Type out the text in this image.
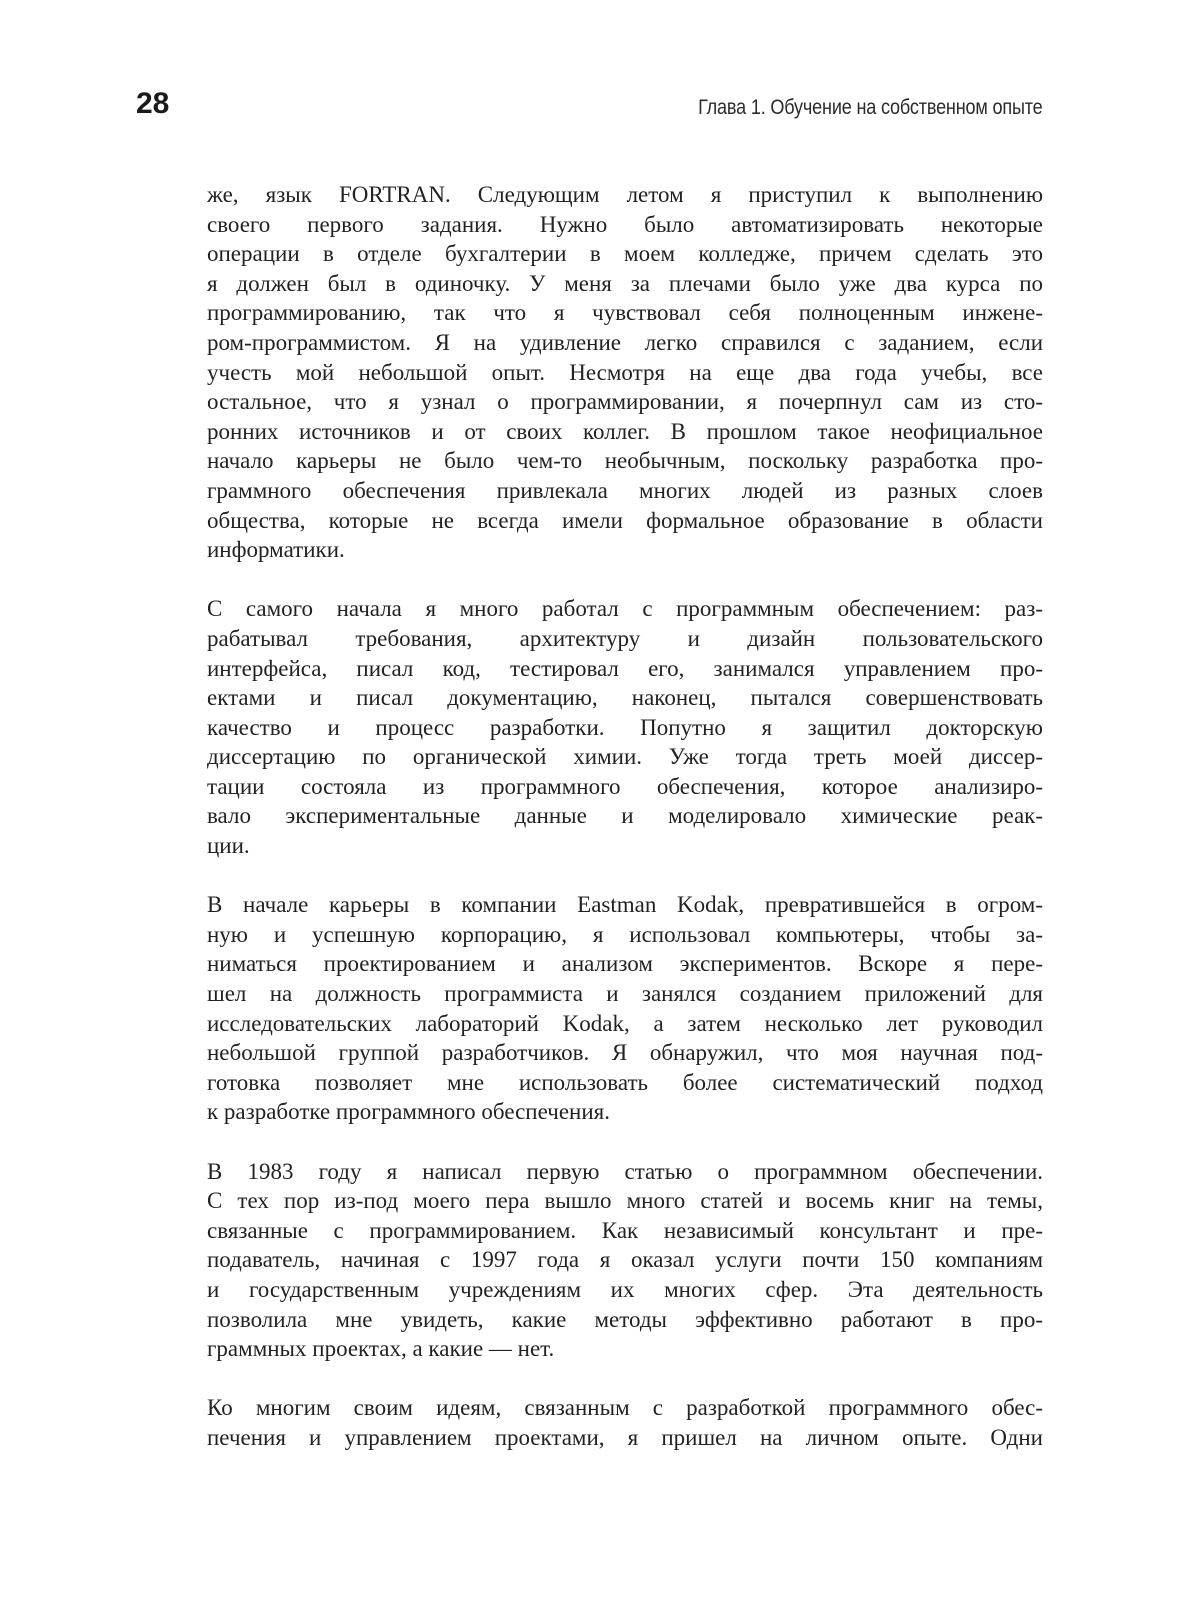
28	Глава 1. Обучение на собственном опыте
же, язык FORTRAN. Следующим летом я приступил к выполнению
своего первого задания. Нужно было автоматизировать некоторые
операции в отделе бухгалтерии в моем колледже, причем сделать это
я должен был в одиночку. У меня за плечами было уже два курса по
программированию, так что я чувствовал себя полноценным инжене-
ром-программистом. Я на удивление легко справился с заданием, если
учесть мой небольшой опыт. Несмотря на еще два года учебы, все
остальное, что я узнал о программировании, я почерпнул сам из сто-
ронних источников и от своих коллег. В прошлом такое неофициальное
начало карьеры не было чем-то необычным, поскольку разработка про-
граммного обеспечения привлекала многих людей из разных слоев
общества, которые не всегда имели формальное образование в области
информатики.
С самого начала я много работал с программным обеспечением: раз-
рабатывал требования, архитектуру и дизайн пользовательского
интерфейса, писал код, тестировал его, занимался управлением про-
ектами и писал документацию, наконец, пытался совершенствовать
качество и процесс разработки. Попутно я защитил докторскую
диссертацию по органической химии. Уже тогда треть моей диссер-
тации состояла из программного обеспечения, которое анализиро-
вало экспериментальные данные и моделировало химические реак-
ции.
В начале карьеры в компании Eastman Kodak, превратившейся в огром-
ную и успешную корпорацию, я использовал компьютеры, чтобы за-
ниматься проектированием и анализом экспериментов. Вскоре я пере-
шел на должность программиста и занялся созданием приложений для
исследовательских лабораторий Kodak, а затем несколько лет руководил
небольшой группой разработчиков. Я обнаружил, что моя научная под-
готовка позволяет мне использовать более систематический подход
к разработке программного обеспечения.
В 1983 году я написал первую статью о программном обеспечении.
С тех пор из-под моего пера вышло много статей и восемь книг на темы,
связанные с программированием. Как независимый консультант и пре-
подаватель, начиная с 1997 года я оказал услуги почти 150 компаниям
и государственным учреждениям их многих сфер. Эта деятельность
позволила мне увидеть, какие методы эффективно работают в про-
граммных проектах, а какие — нет.
Ко многим своим идеям, связанным с разработкой программного обес-
печения и управлением проектами, я пришел на личном опыте. Одни
